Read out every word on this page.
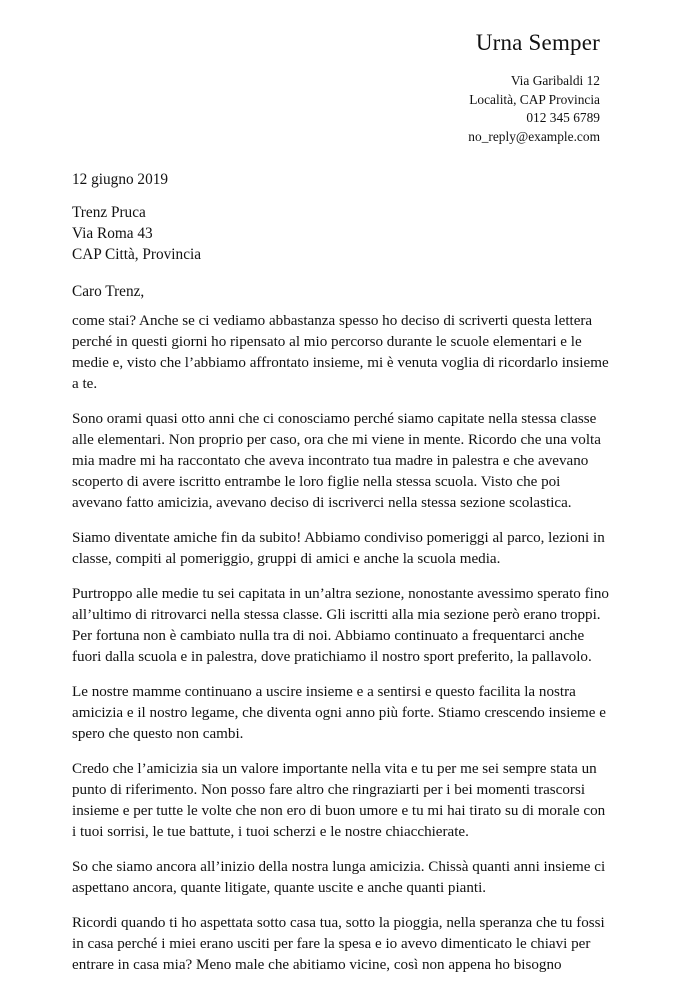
Urna Semper
Via Garibaldi 12
Località, CAP Provincia
012 345 6789
no_reply@example.com
12 giugno 2019
Trenz Pruca
Via Roma 43
CAP Città, Provincia
Caro Trenz,

come stai? Anche se ci vediamo abbastanza spesso ho deciso di scriverti questa lettera perché in questi giorni ho ripensato al mio percorso durante le scuole elementari e le medie e, visto che l’abbiamo affrontato insieme, mi è venuta voglia di ricordarlo insieme a te.

Sono orami quasi otto anni che ci conosciamo perché siamo capitate nella stessa classe alle elementari. Non proprio per caso, ora che mi viene in mente. Ricordo che una volta mia madre mi ha raccontato che aveva incontrato tua madre in palestra e che avevano scoperto di avere iscritto entrambe le loro figlie nella stessa scuola. Visto che poi avevano fatto amicizia, avevano deciso di iscriverci nella stessa sezione scolastica.

Siamo diventate amiche fin da subito! Abbiamo condiviso pomeriggi al parco, lezioni in classe, compiti al pomeriggio, gruppi di amici e anche la scuola media.

Purtroppo alle medie tu sei capitata in un’altra sezione, nonostante avessimo sperato fino all’ultimo di ritrovarci nella stessa classe. Gli iscritti alla mia sezione però erano troppi. Per fortuna non è cambiato nulla tra di noi. Abbiamo continuato a frequentarci anche fuori dalla scuola e in palestra, dove pratichiamo il nostro sport preferito, la pallavolo.

Le nostre mamme continuano a uscire insieme e a sentirsi e questo facilita la nostra amicizia e il nostro legame, che diventa ogni anno più forte. Stiamo crescendo insieme e spero che questo non cambi.

Credo che l’amicizia sia un valore importante nella vita e tu per me sei sempre stata un punto di riferimento. Non posso fare altro che ringraziarti per i bei momenti trascorsi insieme e per tutte le volte che non ero di buon umore e tu mi hai tirato su di morale con i tuoi sorrisi, le tue battute, i tuoi scherzi e le nostre chiacchierate.

So che siamo ancora all’inizio della nostra lunga amicizia. Chissà quanti anni insieme ci aspettano ancora, quante litigate, quante uscite e anche quanti pianti.

Ricordi quando ti ho aspettata sotto casa tua, sotto la pioggia, nella speranza che tu fossi in casa perché i miei erano usciti per fare la spesa e io avevo dimenticato le chiavi per entrare in casa mia? Meno male che abitiamo vicine, così non appena ho bisogno
